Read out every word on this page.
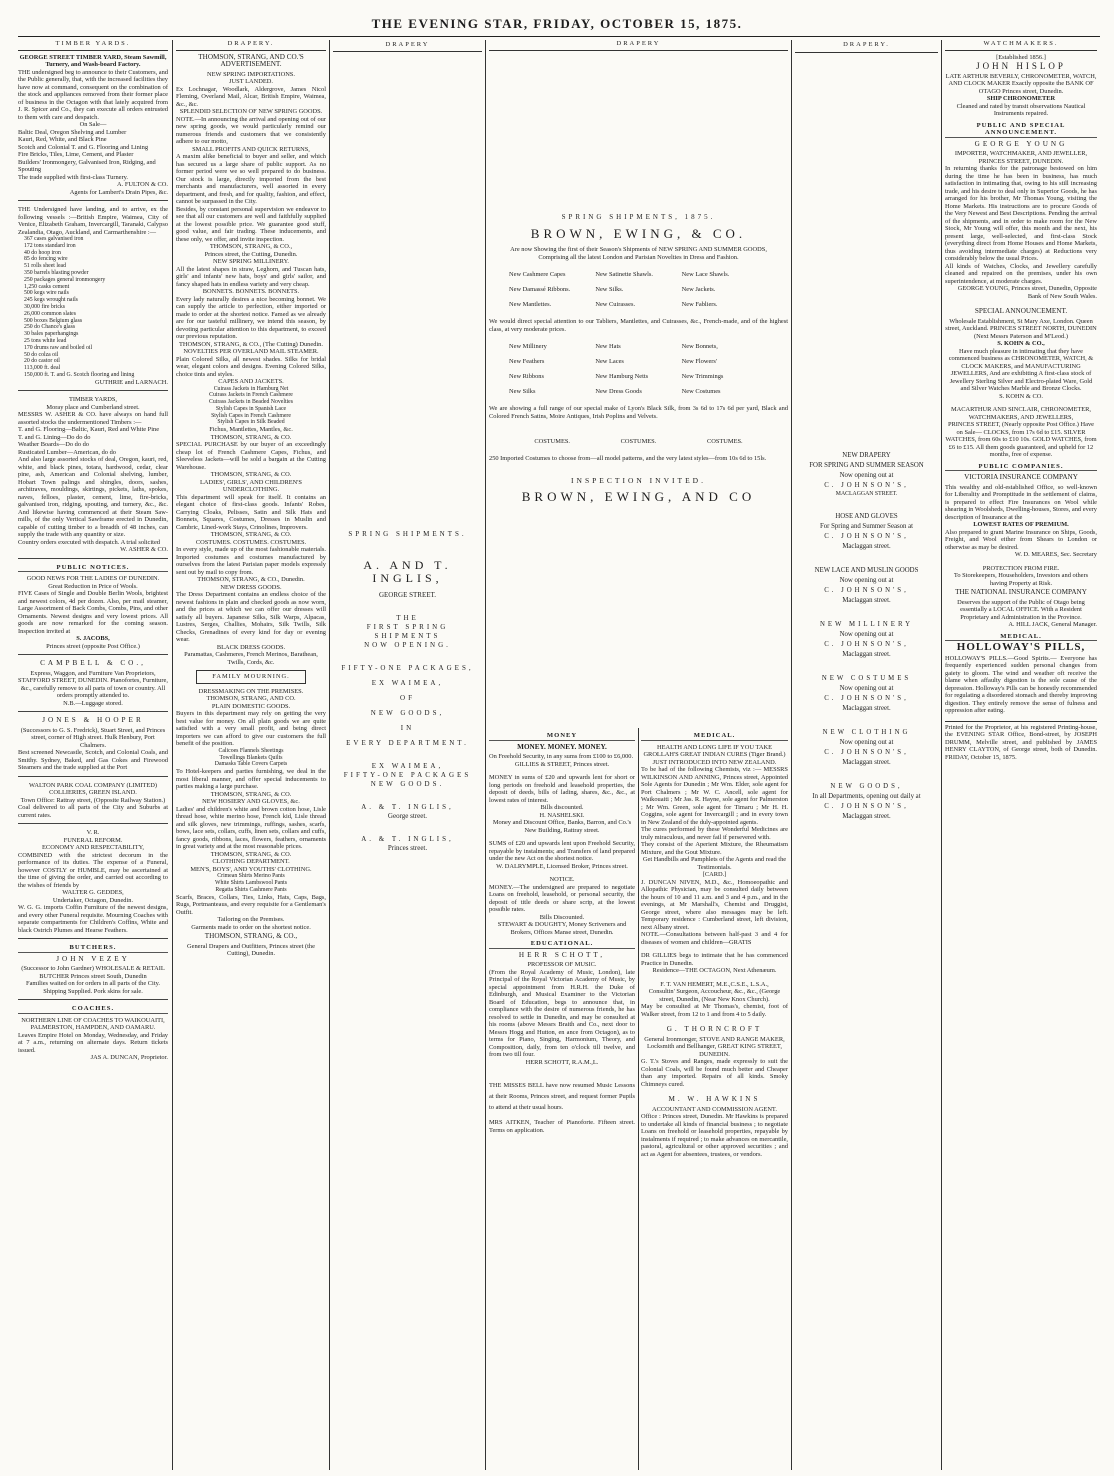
THE EVENING STAR, FRIDAY, OCTOBER 15, 1875.
TIMBER YARDS.
GEORGE STREET TIMBER YARD, Steam Sawmill, Turnery, and Wash-board Factory.
THE undersigned beg to announce to their Customers, and the Public generally, that, with the increased facilities they have now at command, consequent on the combination of the stock and appliances removed from their former place of business in the Octagon with that lately acquired from J. R. Spicer and Co., they can execute all orders entrusted to them with care and despatch.
On Sale—
Baltic Deal, Oregon Shelving and Lumber
Kauri, Red, White, and Black Pine
Scotch and Colonial T. and G. Flooring and Lining
Fire Bricks, Tiles, Lime, Cement, and Plaster
Builders' Ironmongery, Galvanised Iron, Ridging, and Spouting
The trade supplied with first-class Turnery.
A. FULTON & CO.
Agents for Lambert's Drain Pipes, &c.
THE Undersigned have landing, and to arrive, ex the following vessels :—British Empire, Waimea, City of Venice, Elizabeth Graham, Invercargill, Taranaki, Calypso Zealandia, Otago, Auckland, and Carmarthenshire :—
367 cases galvanised iron
172 tons standard iron
40 do hoop iron
85 do fencing wire
51 rolls sheet lead
350 barrels blasting powder
250 packages general ironmongery
1,250 casks cement
500 kegs wire nails
245 kegs wrought nails
30,000 fire bricks
26,000 common slates
500 boxes Belgium glass
250 do Chance's glass
30 bales paperhangings
25 tons white lead
170 drums raw and boiled oil
50 do colza oil
20 do castor oil
113,000 ft. deal
150,000 ft. T. and G. Scotch flooring and lining
GUTHRIE and LARNACH.
TIMBER YARDS,
Moray place and Cumberland street.
MESSRS W. ASHER & CO. have always on hand full assorted stocks the undermentioned Timbers :—
T. and G. Flooring—Baltic, Kauri, Red and White Pine
T. and G. Lining—Do do do
Weather Boards—Do do do
Rusticated Lumber—American, do do
And also large assorted stocks of deal, Oregon, kauri, red, white, and black pines, totara, hardwood, cedar, clear pine, ash, American and Colonial shelving, lumber, Hobart Town palings and shingles, doors, sashes, architraves, mouldings, skirtings, pickets, laths, spokes, naves, felloes, plaster, cement, lime, fire-bricks, galvanised iron, ridging, spouting, and turnery, &c., &c. And likewise having commenced at their Steam Saw-mills, of the only Vertical Sawframe erected in Dunedin, capable of cutting timber to a breadth of 48 inches, can supply the trade with any quantity or size.
Country orders executed with despatch. A trial solicited
W. ASHER & CO.
PUBLIC NOTICES.
GOOD NEWS FOR THE LADIES OF DUNEDIN.
Great Reduction in Price of Wools.
FIVE Cases of Single and Double Berlin Wools, brightest and newest colors, 4d per dozen. Also, per mail steamer, Large Assortment of Back Combs, Combs, Pins, and other Ornaments. Newest designs and very lowest prices. All goods are now remarked for the coming season. Inspection invited at
S. JACOBS,
Princes street (opposite Post Office.)
CAMPBELL & CO.,
Express, Waggon, and Furniture Van Proprietors, STAFFORD STREET, DUNEDIN. Pianofortes, Furniture, &c., carefully remove to all parts of town or country. All orders promptly attended to.
N.B.—Luggage stored.
JONES & HOOPER
(Successors to G. S. Fredrick), Stuart Street, and Princes street, corner of High street. Hulk Henbury, Port Chalmers.
Best screened Newcastle, Scotch, and Colonial Coals, and Smithy. Sydney, Baked, and Gas Cokes and Firewood Steamers and the trade supplied at the Port
WALTON PARK COAL COMPANY (LIMITED)
COLLIERIES, GREEN ISLAND.
Town Office: Rattray street, (Opposite Railway Station.)
Coal delivered to all parts of the City and Suburbs at current rates.
V. R.
FUNERAL REFORM.
ECONOMY AND RESPECTABILITY,
COMBINED with the strictest decorum in the performance of its duties. The expense of a Funeral, however COSTLY or HUMBLE, may be ascertained at the time of giving the order, and carried out according to the wishes of friends by
WALTER G. GEDDES,
Undertaker, Octagon, Dunedin.
W. G. G. imports Coffin Furniture of the newest designs, and every other Funeral requisite. Mourning Coaches with separate compartments for Children's Coffins, White and black Ostrich Plumes and Hearse Feathers.
BUTCHERS.
JOHN VEZEY
(Successor to John Gardner) WHOLESALE & RETAIL BUTCHER Princes street South, Dunedin
Families waited on for orders in all parts of the City. Shipping Supplied. Pork skins for sale.
COACHES.
NORTHERN LINE OF COACHES TO WAIKOUAITI, PALMERSTON, HAMPDEN, AND OAMARU.
Leaves Empire Hotel on Monday, Wednesday, and Friday at 7 a.m., returning on alternate days. Return tickets issued.
JAS A. DUNCAN, Proprietor.
DRAPERY.
THOMSON, STRANG, AND CO.'S ADVERTISEMENT.
NEW SPRING IMPORTATIONS.
JUST LANDED.
Ex Lochnagar, Woodlark, Aldergrove, James Nicol Fleming, Overland Mail, Alcar, British Empire, Waimea, &c., &c.
SPLENDID SELECTION OF NEW SPRING GOODS.
NOTE.—In announcing the arrival and opening out of our new spring goods, we would particularly remind our numerous friends and customers that we consistently adhere to our motto,
SMALL PROFITS AND QUICK RETURNS,
A maxim alike beneficial to buyer and seller, and which has secured us a large share of public support. As no former period were we so well prepared to do business. Our stock is large, directly imported from the best merchants and manufacturers, well assorted in every department, and fresh, and for quality, fashion, and effect, cannot be surpassed in the City.
Besides, by constant personal supervision we endeavor to see that all our customers are well and faithfully supplied at the lowest possible price. We guarantee good stuff, good value, and fair trading. These inducements, and these only, we offer, and invite inspection.
THOMSON, STRANG, & CO.,
Princes street, the Cutting, Dunedin.
NEW SPRING MILLINERY.
All the latest shapes in straw, Leghorn, and Tuscan hats, girls' and infants' new hats, boys' and girls' sailor, and fancy shaped hats in endless variety and very cheap.
BONNETS. BONNETS. BONNETS.
Every lady naturally desires a nice becoming bonnet. We can supply the article to perfection, either imported or made to order at the shortest notice. Famed as we already are for our tasteful millinery, we intend this season, by devoting particular attention to this department, to exceed our previous reputation.
THOMSON, STRANG, & CO., (The Cutting) Dunedin.
NOVELTIES PER OVERLAND MAIL STEAMER.
Plain Colored Silks, all newest shades. Silks for bridal wear, elegant colors and designs. Evening Colored Silks, choice tints and styles.
CAPES AND JACKETS.
Cuirass Jackets in Hamburg Net
Cuirass Jackets in French Cashmere
Cuirass Jackets in Beaded Novelties
Stylish Capes in Spanish Lace
Stylish Capes in French Cashmere
Stylish Capes in Silk Beaded
Fichus, Mantlettes, Mantles, &c.
THOMSON, STRANG, & CO.
SPECIAL PURCHASE by our buyer of an exceedingly cheap lot of French Cashmere Capes, Fichus, and Sleeveless Jackets—will be sold a bargain at the Cutting Warehouse.
THOMSON, STRANG, & CO.
LADIES', GIRLS', AND CHILDREN'S UNDERCLOTHING.
This department will speak for itself. It contains an elegant choice of first-class goods. Infants' Robes, Carrying Cloaks, Pelisses, Satin and Silk Hats and Bonnets, Squares, Costumes, Dresses in Muslin and Cambric, Lined-work Stays, Crinolines, Improvers.
THOMSON, STRANG, & CO.
COSTUMES. COSTUMES. COSTUMES.
In every style, made up of the most fashionable materials. Imported costumes and costumes manufactured by ourselves from the latest Parisian paper models expressly sent out by mail to copy from.
THOMSON, STRANG, & CO., Dunedin.
NEW DRESS GOODS.
The Dress Department contains an endless choice of the newest fashions in plain and checked goods as now worn, and the prices at which we can offer our dresses will satisfy all buyers. Japanese Silks, Silk Warps, Alpacas, Lustres, Serges, Challies, Mohairs, Silk Twills, Silk Checks, Grenadines of every kind for day or evening wear.
BLACK DRESS GOODS.
Paramattas, Cashmeres, French Merinos, Barathean, Twills, Cords, &c.
FAMILY MOURNING.
DRESSMAKING ON THE PREMISES.
THOMSON, STRANG, AND CO.
PLAIN DOMESTIC GOODS.
Buyers in this department may rely on getting the very best value for money. On all plain goods we are quite satisfied with a very small profit, and being direct importers we can afford to give our customers the full benefit of the position.
Calicoes Flannels Sheetings
Towellings Blankets Quilts
Damasks Table Covers Carpets
To Hotel-keepers and parties furnishing, we deal in the most liberal manner, and offer special inducements to parties making a large purchase.
THOMSON, STRANG, & CO.
NEW HOSIERY AND GLOVES, &c.
Ladies' and children's white and brown cotton hose, Lisle thread hose, white merino hose, French kid, Lisle thread and silk gloves, new trimmings, ruffings, sashes, scarfs, bows, lace sets, collars, cuffs, linen sets, collars and cuffs, fancy goods, ribbons, laces, flowers, feathers, ornaments in great variety and at the most reasonable prices.
THOMSON, STRANG, & CO.
CLOTHING DEPARTMENT.
MEN'S, BOYS', AND YOUTHS' CLOTHING.
Crimean Shirts Merino Pants
White Shirts Lambswool Pants
Regatta Shirts Cashmere Pants
Scarfs, Braces, Collars, Ties, Links, Hats, Caps, Bags, Rugs, Portmanteaus, and every requisite for a Gentleman's Outfit.
Tailoring on the Premises.
Garments made to order on the shortest notice.
THOMSON, STRANG, & CO.,
General Drapers and Outfitters, Princes street (the Cutting), Dunedin.
DRAPERY
SPRING SHIPMENTS.
A. AND T. INGLIS,
GEORGE STREET.
THE
FIRST SPRING SHIPMENTS
NOW OPENING.
FIFTY-ONE PACKAGES,
EX WAIMEA,
OF
NEW GOODS,
IN
EVERY DEPARTMENT.
EX WAIMEA,
FIFTY-ONE PACKAGES
NEW GOODS.
A. & T. INGLIS,
George street.
A. & T. INGLIS,
Princes street.
DRAPERY
SPRING SHIPMENTS, 1875.
BROWN, EWING, & CO.
Are now Showing the first of their Season's Shipments of NEW SPRING AND SUMMER GOODS,
Comprising all the latest London and Parisian Novelties in Dress and Fashion.
New Cashmere Capes	New Satinette Shawls.	New Lace Shawls.
New Damassé Ribbons.	New Silks.	New Jackets.
New Mantlettes.	New Cuirasses.	New Fabliers.
We would direct special attention to our Tabliers, Mantlettes, and Cuirasses, &c., French-made, and of the highest class, at very moderate prices.
New Millinery	New Hats	New Bonnets,
New Feathers	New Laces	New Flowers'
New Ribbons	New Hamburg Netts	New Trimmings
New Silks	New Dress Goods	New Costumes
We are showing a full range of our special make of Lyon's Black Silk, from 3s 6d to 17s 6d per yard, Black and Colored French Satins, Moire Antiques, Irish Poplins and Velvets.
COSTUMES.	COSTUMES.	COSTUMES.
250 Imported Costumes to choose from—all model patterns, and the very latest styles—from 10s 6d to 15ls.
INSPECTION INVITED.
BROWN, EWING, AND CO
MONEY
MONEY. MONEY. MONEY.
On Freehold Security, in any sums from £100 to £6,000.
GILLIES & STREET, Princes street.
MONEY in sums of £20 and upwards lent for short or long periods on freehold and leasehold properties, the deposit of deeds, bills of lading, shares, &c., &c., at lowest rates of interest.
Bills discounted.
H. NASHELSKI.
Money and Discount Office, Banks, Barron, and Co.'s New Building, Rattray street.
SUMS of £20 and upwards lent upon Freehold Security, repayable by instalments; and Transfers of land prepared under the new Act on the shortest notice.
W. DALRYMPLE, Licensed Broker, Princes street.
NOTICE.
MONEY.—The undersigned are prepared to negotiate Loans on freehold, leasehold, or personal security, the deposit of title deeds or share scrip, at the lowest possible rates.
Bills Discounted.
STEWART & DOUGHTY, Money Scriveners and Brokers, Offices Manse street, Dunedin.
EDUCATIONAL.
HERR SCHOTT,
PROFESSOR OF MUSIC.
(From the Royal Academy of Music, London), late Principal of the Royal Victorian Academy of Music, by special appointment from H.R.H. the Duke of Edinburgh, and Musical Examiner to the Victorian Board of Education, begs to announce that, in compliance with the desire of numerous friends, he has resolved to settle in Dunedin, and may be consulted at his rooms (above Messrs Braith and Co., next door to Messrs Hogg and Hutton, en ance from Octagon), as to terms for Piano, Singing, Harmonium, Theory, and Composition, daily, from ten o'clock till twelve, and from two till four.
HERR SCHOTT, R.A.M.,L.
THE MISSES BELL have now resumed Music Lessons at their Rooms, Princes street, and request former Pupils to attend at their usual hours.
MRS AITKEN, Teacher of Pianoforte. Fifteen street. Terms on application.
MEDICAL.
HEALTH AND LONG LIFE IF YOU TAKE GROLLAH'S GREAT INDIAN CURES (Tiger Brand.)
JUST INTRODUCED INTO NEW ZEALAND.
To be had of the following Chemists, viz :— MESSRS WILKINSON AND ANNING, Princes street, Appointed Sole Agents for Dunedin ; Mr Wm. Elder, sole agent for Port Chalmers ; Mr W. C. Ancell, sole agent for Waikouaiti ; Mr Jas. R. Hayne, sole agent for Palmerston ; Mr Wm. Green, sole agent for Timaru ; Mr H. H. Coggins, sole agent for Invercargill ; and in every town in New Zealand of the duly-appointed agents.
The cures performed by these Wonderful Medicines are truly miraculous, and never fail if persevered with.
They consist of the Aperient Mixture, the Rheumatism Mixture, and the Gout Mixture.
Get Handbills and Pamphlets of the Agents and read the Testimonials.
[CARD.]
J. DUNCAN NIVEN, M.D., &c., Homoeopathic and Allopathic Physician, may be consulted daily between the hours of 10 and 11 a.m. and 3 and 4 p.m., and in the evenings, at Mr Marshall's, Chemist and Druggist, George street, where also messages may be left. Temporary residence : Cumberland street, left division, next Albany street.
NOTE.—Consultations between half-past 3 and 4 for diseases of women and children—GRATIS
DR GILLIES begs to intimate that he has commenced Practice in Dunedin.
Residence—THE OCTAGON, Next Athenæum.
F. T. VAN HEMERT, M.E.,C.S.E., L.S.A.,
Consultin' Surgeon, Accoucheur, &c., &c., (George street, Dunedin, (Near New Knox Church).
May be consulted at Mr Thomas's, chemist, foot of Walker street, from 12 to 1 and from 4 to 5 daily.
G. THORNCROFT
General Ironmonger, STOVE AND RANGE MAKER, Locksmith and Bellhanger, GREAT KING STREET, DUNEDIN.
G. T.'s Stoves and Ranges, made expressly to suit the Colonial Coals, will be found much better and Cheaper than any imported. Repairs of all kinds. Smoky Chimneys cured.
M. W. HAWKINS
ACCOUNTANT AND COMMISSION AGENT.
Office : Princes street, Dunedin. Mr Hawkins is prepared to undertake all kinds of financial business ; to negotiate Loans on freehold or leasehold properties, repayable by instalments if required ; to make advances on mercantile, pastoral, agricultural or other approved securities ; and act as Agent for absentees, trustees, or vendors.
DRAPERY.
NEW DRAPERY
FOR SPRING AND SUMMER SEASON
Now opening out at
C. JOHNSON'S,
MACLAGGAN STREET.
HOSE AND GLOVES
For Spring and Summer Season at
C. JOHNSON'S,
Maclaggan street.
NEW LACE AND MUSLIN GOODS
Now opening out at
C. JOHNSON'S,
Maclaggan street.
NEW MILLINERY
Now opening out at
C. JOHNSON'S,
Maclaggan street.
NEW COSTUMES
Now opening out at
C. JOHNSON'S,
Maclaggan street.
NEW CLOTHING
Now opening out at
C. JOHNSON'S,
Maclaggan street.
NEW GOODS,
In all Departments, opening out daily at
C. JOHNSON'S,
Maclaggan street.
WATCHMAKERS.
[Established 1856.]
JOHN HISLOP
LATE ARTHUR BEVERLY, CHRONOMETER, WATCH, AND CLOCK MAKER Exactly opposite the BANK OF OTAGO Princes street, Dunedin.
SHIP CHRONOMETER
Cleaned and rated by transit observations Nautical Instruments repaired.
PUBLIC AND SPECIAL ANNOUNCEMENT.
GEORGE YOUNG
IMPORTER, WATCHMAKER, AND JEWELLER, PRINCES STREET, DUNEDIN.
In returning thanks for the patronage bestowed on him during the time he has been in business, has much satisfaction in intimating that, owing to his still increasing trade, and his desire to deal only in Superior Goods, he has arranged for his brother, Mr Thomas Young, visiting the Home Markets. His instructions are to procure Goods of the Very Newest and Best Descriptions. Pending the arrival of the shipments, and in order to make room for the New Stock, Mr Young will offer, this month and the next, his present large, well-selected, and first-class Stock (everything direct from Home Houses and Home Markets, thus avoiding intermediate charges) at Reductions very considerably below the usual Prices.
All kinds of Watches, Clocks, and Jewellery carefully cleaned and repaired on the premises, under his own superintendence, at moderate charges.
GEORGE YOUNG, Princes street, Dunedin, Opposite Bank of New South Wales.
SPECIAL ANNOUNCEMENT.
Wholesale Establishment, St Mary Axe, London. Queen street, Auckland. PRINCES STREET NORTH, DUNEDIN (Next Messrs Paterson and M'Leod.)
S. KOHN & CO.,
Have much pleasure in intimating that they have commenced business as CHRONOMETER, WATCH, & CLOCK MAKERS, and MANUFACTURING JEWELLERS, And are exhibiting A first-class stock of Jewellery Sterling Silver and Electro-plated Ware, Gold and Silver Watches Marble and Bronze Clocks.
S. KOHN & CO.
MACARTHUR AND SINCLAIR, CHRONOMETER, WATCHMAKERS, AND JEWELLERS,
PRINCES STREET, (Nearly opposite Post Office.) Have on Sale— CLOCKS, from 17s 6d to £15. SILVER WATCHES, from 60s to £10 10s. GOLD WATCHES, from £6 to £15. All them goods guaranteed, and upheld for 12 months, free of expense.
PUBLIC COMPANIES.
VICTORIA INSURANCE COMPANY
This wealthy and old-established Office, so well-known for Liberality and Promptitude in the settlement of claims, is prepared to effect Fire Insurances on Wool while shearing in Woolsheds, Dwelling-houses, Stores, and every description of Insurance at the
LOWEST RATES OF PREMIUM.
Also prepared to grant Marine Insurance on Ships, Goods, Freight, and Wool either from Shears to London or otherwise as may be desired.
W. D. MEARES, Sec. Secretary
PROTECTION FROM FIRE.
To Storekeepers, Householders, Investors and others having Property at Risk.
THE NATIONAL INSURANCE COMPANY
Deserves the support of the Public of Otago being essentially a LOCAL OFFICE. With a Resident Proprietary and Administration in the Province.
A. HILL JACK, General Manager.
MEDICAL.
HOLLOWAY'S PILLS,
HOLLOWAY'S PILLS.—Good Spirits.— Everyone has frequently experienced sudden personal changes from gaiety to gloom. The wind and weather oft receive the blame when affaulty digestion is the sole cause of the depression. Holloway's Pills can be honestly recommended for regulating a disordered stomach and thereby improving digestion. They entirely remove the sense of fulness and oppression after eating.
Printed for the Proprietor, at his registered Printing-house, the EVENING STAR Office, Bond-street, by JOSEPH DRUMM, Melville street, and published by JAMES HENRY CLAYTON, of George street, both of Dunedin. FRIDAY, October 15, 1875.
